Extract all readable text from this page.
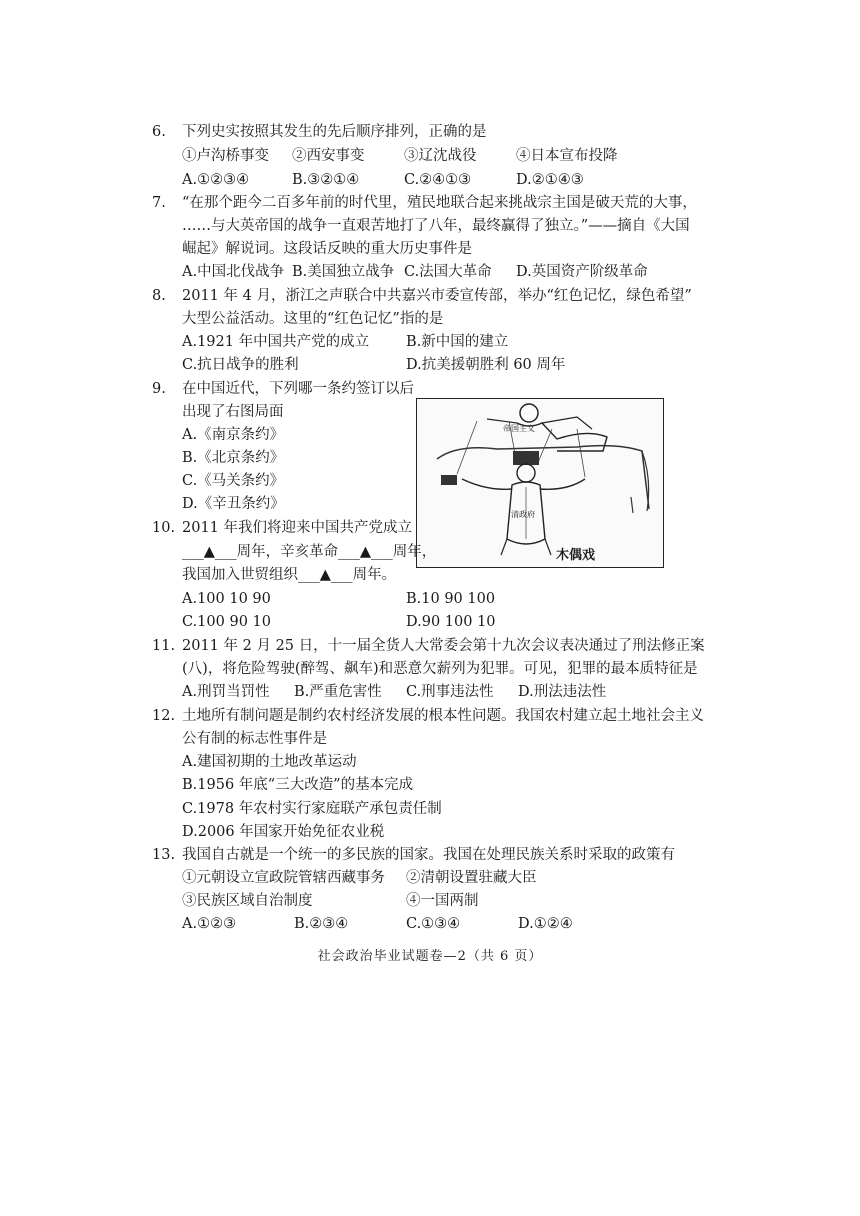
6. 下列史实按照其发生的先后顺序排列，正确的是
①卢沟桥事变 ②西安事变	③辽沈战役	④日本宣布投降
A.①②③④	B.③②①④	C.②④①③	D.②①④③
7. “在那个距今二百多年前的时代里，殖民地联合起来挑战宗主国是破天荒的大事，
……与大英帝国的战争一直艰苦地打了八年，最终赢得了独立。”——摘自《大国
崛起》解说词。这段话反映的重大历史事件是
A.中国北伐战争 B.美国独立战争 C.法国大革命 D.英国资产阶级革命
8. 2011 年 4 月，浙江之声联合中共嘉兴市委宣传部，举办“红色记忆，绿色希望”
大型公益活动。这里的“红色记忆”指的是
A.1921 年中国共产党的成立	B.新中国的建立
C.抗日战争的胜利	D.抗美援朝胜利 60 周年
9. 在中国近代，下列哪一条约签订以后
出现了右图局面
A.《南京条约》
B.《北京条约》
C.《马关条约》
D.《辛丑条约》
帝国主义
清政府
木偶戏
10. 2011 年我们将迎来中国共产党成立
___▲___周年，辛亥革命___▲___周年，
我国加入世贸组织___▲___周年。
A.100 10 90	B.10 90 100
C.100 90 10	D.90 100 10
11. 2011 年 2 月 25 日，十一届全货人大常委会第十九次会议表决通过了刑法修正案
(八)，将危险驾驶(醉驾、飙车)和恶意欠薪列为犯罪。可见，犯罪的最本质特征是
A.刑罚当罚性 B.严重危害性 C.刑事违法性 D.刑法违法性
12. 土地所有制问题是制约农村经济发展的根本性问题。我国农村建立起土地社会主义
公有制的标志性事件是
A.建国初期的土地改革运动
B.1956 年底“三大改造”的基本完成
C.1978 年农村实行家庭联产承包责任制
D.2006 年国家开始免征农业税
13. 我国自古就是一个统一的多民族的国家。我国在处理民族关系时采取的政策有
①元朝设立宣政院管辖西藏事务 ②清朝设置驻藏大臣
③民族区域自治制度	④一国两制
A.①②③	B.②③④	C.①③④	D.①②④
社会政治毕业试题卷—2（共 6 页）
